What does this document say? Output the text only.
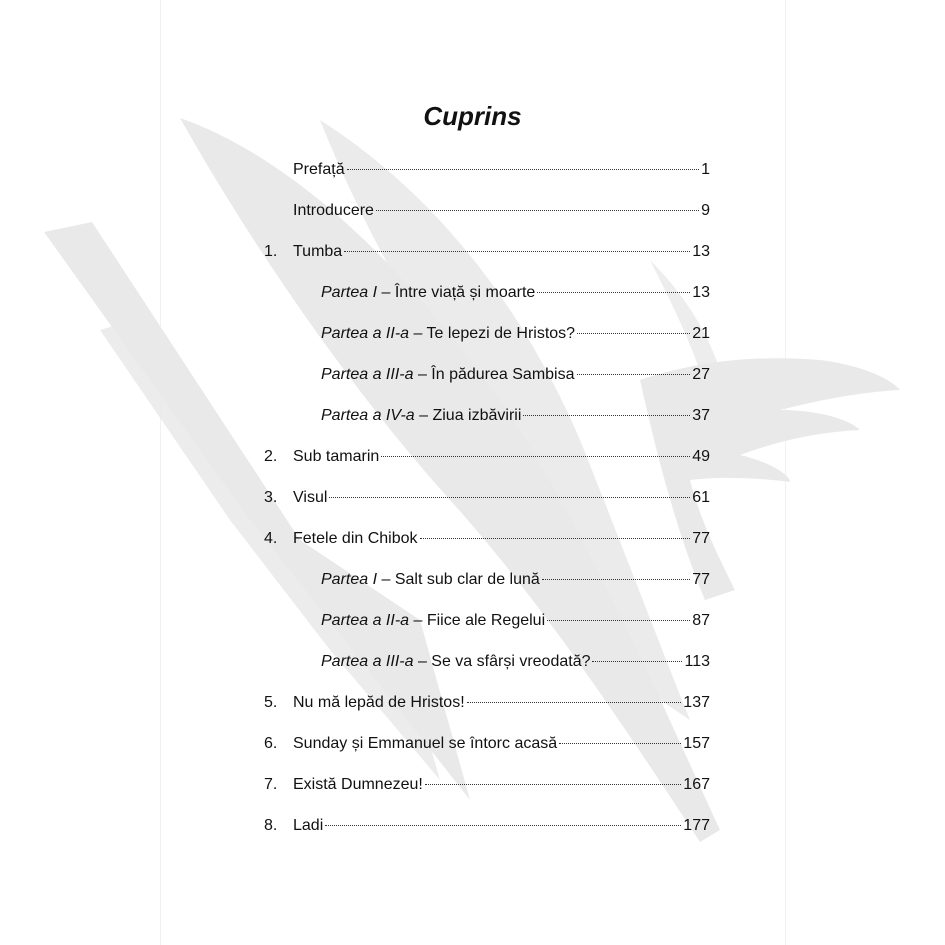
Cuprins
Prefață	1
Introducere	9
1. Tumba	13
Partea I – Între viață și moarte	13
Partea a II-a – Te lepezi de Hristos?	21
Partea a III-a – În pădurea Sambisa	27
Partea a IV-a – Ziua izbăvirii	37
2. Sub tamarin	49
3. Visul	61
4. Fetele din Chibok	77
Partea I – Salt sub clar de lună	77
Partea a II-a – Fiice ale Regelui	87
Partea a III-a – Se va sfârși vreodată?	113
5. Nu mă lepăd de Hristos!	137
6. Sunday și Emmanuel se întorc acasă	157
7. Există Dumnezeu!	167
8. Ladi	177
